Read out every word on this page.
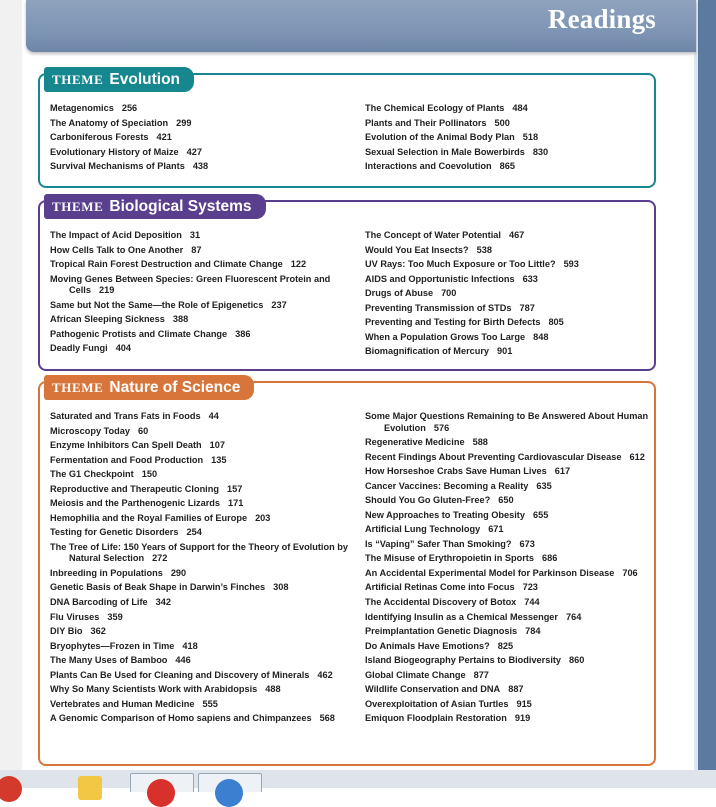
Readings
THEME Evolution
Metagenomics 256
The Anatomy of Speciation 299
Carboniferous Forests 421
Evolutionary History of Maize 427
Survival Mechanisms of Plants 438
The Chemical Ecology of Plants 484
Plants and Their Pollinators 500
Evolution of the Animal Body Plan 518
Sexual Selection in Male Bowerbirds 830
Interactions and Coevolution 865
THEME Biological Systems
The Impact of Acid Deposition 31
How Cells Talk to One Another 87
Tropical Rain Forest Destruction and Climate Change 122
Moving Genes Between Species: Green Fluorescent Protein and Cells 219
Same but Not the Same—the Role of Epigenetics 237
African Sleeping Sickness 388
Pathogenic Protists and Climate Change 386
Deadly Fungi 404
The Concept of Water Potential 467
Would You Eat Insects? 538
UV Rays: Too Much Exposure or Too Little? 593
AIDS and Opportunistic Infections 633
Drugs of Abuse 700
Preventing Transmission of STDs 787
Preventing and Testing for Birth Defects 805
When a Population Grows Too Large 848
Biomagnification of Mercury 901
THEME Nature of Science
Saturated and Trans Fats in Foods 44
Microscopy Today 60
Enzyme Inhibitors Can Spell Death 107
Fermentation and Food Production 135
The G1 Checkpoint 150
Reproductive and Therapeutic Cloning 157
Meiosis and the Parthenogenic Lizards 171
Hemophilia and the Royal Families of Europe 203
Testing for Genetic Disorders 254
The Tree of Life: 150 Years of Support for the Theory of Evolution by Natural Selection 272
Inbreeding in Populations 290
Genetic Basis of Beak Shape in Darwin’s Finches 308
DNA Barcoding of Life 342
Flu Viruses 359
DIY Bio 362
Bryophytes—Frozen in Time 418
The Many Uses of Bamboo 446
Plants Can Be Used for Cleaning and Discovery of Minerals 462
Why So Many Scientists Work with Arabidopsis 488
Vertebrates and Human Medicine 555
A Genomic Comparison of Homo sapiens and Chimpanzees 568
Some Major Questions Remaining to Be Answered About Human Evolution 576
Regenerative Medicine 588
Recent Findings About Preventing Cardiovascular Disease 612
How Horseshoe Crabs Save Human Lives 617
Cancer Vaccines: Becoming a Reality 635
Should You Go Gluten-Free? 650
New Approaches to Treating Obesity 655
Artificial Lung Technology 671
Is “Vaping” Safer Than Smoking? 673
The Misuse of Erythropoietin in Sports 686
An Accidental Experimental Model for Parkinson Disease 706
Artificial Retinas Come into Focus 723
The Accidental Discovery of Botox 744
Identifying Insulin as a Chemical Messenger 764
Preimplantation Genetic Diagnosis 784
Do Animals Have Emotions? 825
Island Biogeography Pertains to Biodiversity 860
Global Climate Change 877
Wildlife Conservation and DNA 887
Overexploitation of Asian Turtles 915
Emiquon Floodplain Restoration 919
